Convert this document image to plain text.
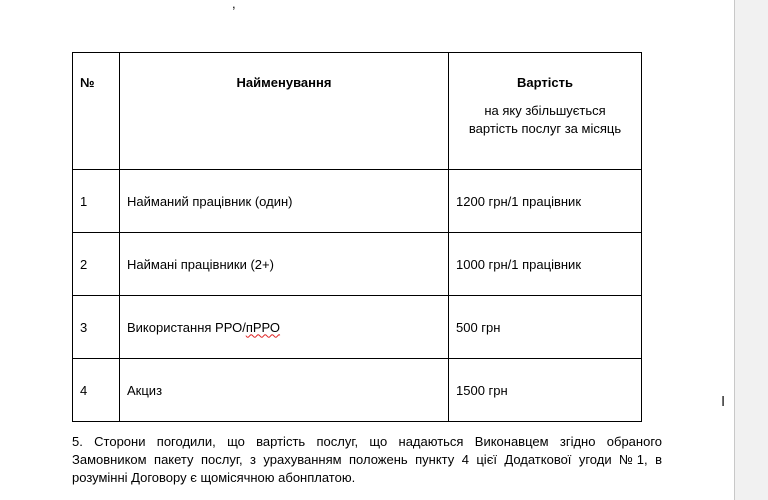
,
№	Найменування	Вартість
на яку збільшується
вартість послуг за місяць

1	Найманий працівник (один)	1200 грн/1 працівник
2	Наймані працівники (2+)	1000 грн/1 працівник
3	Використання РРО/пРРО	500 грн
4	Акциз	1500 грн
5. Сторони погодили, що вартість послуг, що надаються Виконавцем згідно обраного Замовником пакету послуг, з урахуванням положень пункту 4 цієї Додаткової угоди №1, в розумінні Договору є щомісячною абонплатою.
Ι
